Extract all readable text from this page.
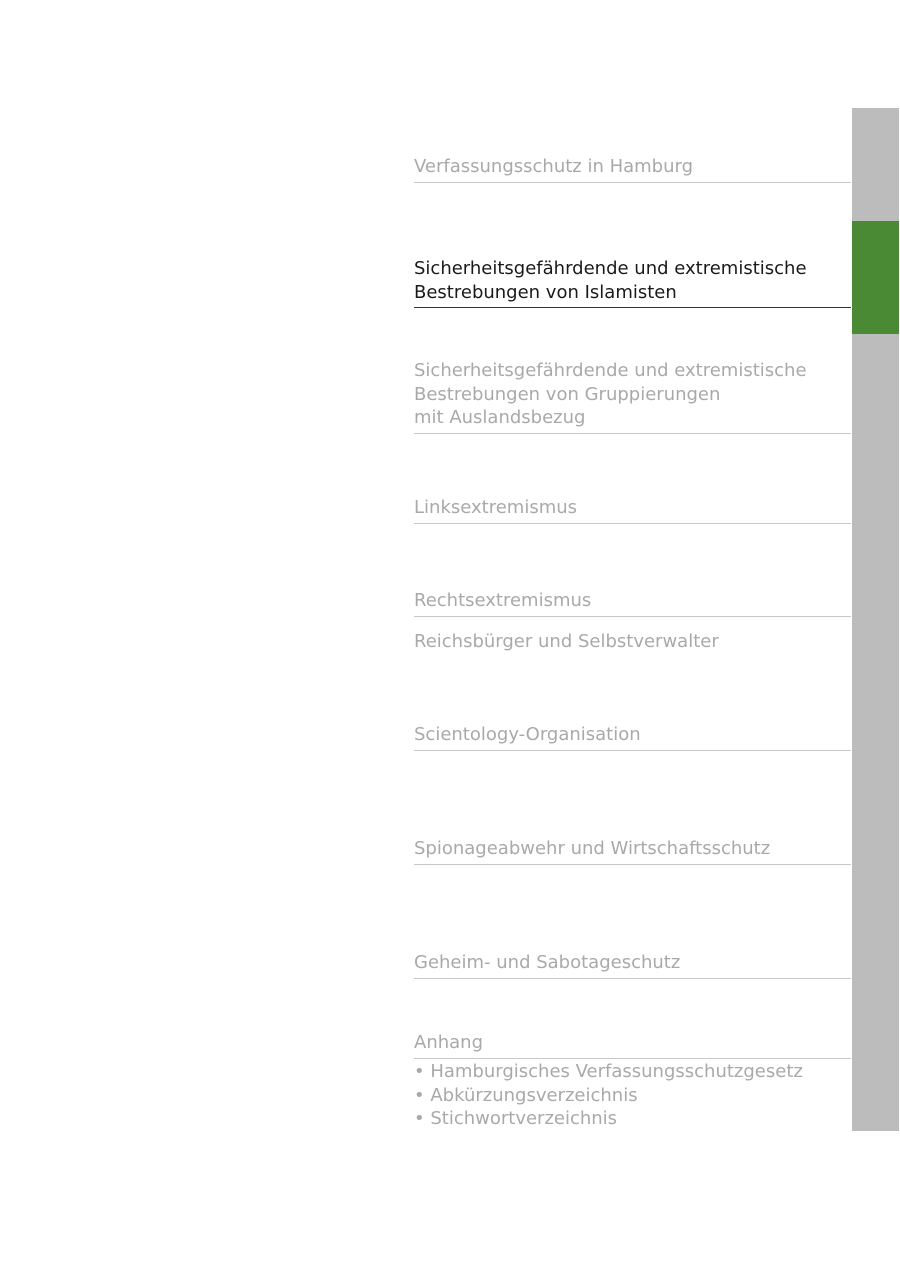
Verfassungsschutz in Hamburg
Sicherheitsgefährdende und extremistische
Bestrebungen von Islamisten
Sicherheitsgefährdende und extremistische
Bestrebungen von Gruppierungen
mit Auslandsbezug
Linksextremismus
Rechtsextremismus
Reichsbürger und Selbstverwalter
Scientology-Organisation
Spionageabwehr und Wirtschaftsschutz
Geheim- und Sabotageschutz
Anhang
• Hamburgisches Verfassungsschutzgesetz
• Abkürzungsverzeichnis
• Stichwortverzeichnis
